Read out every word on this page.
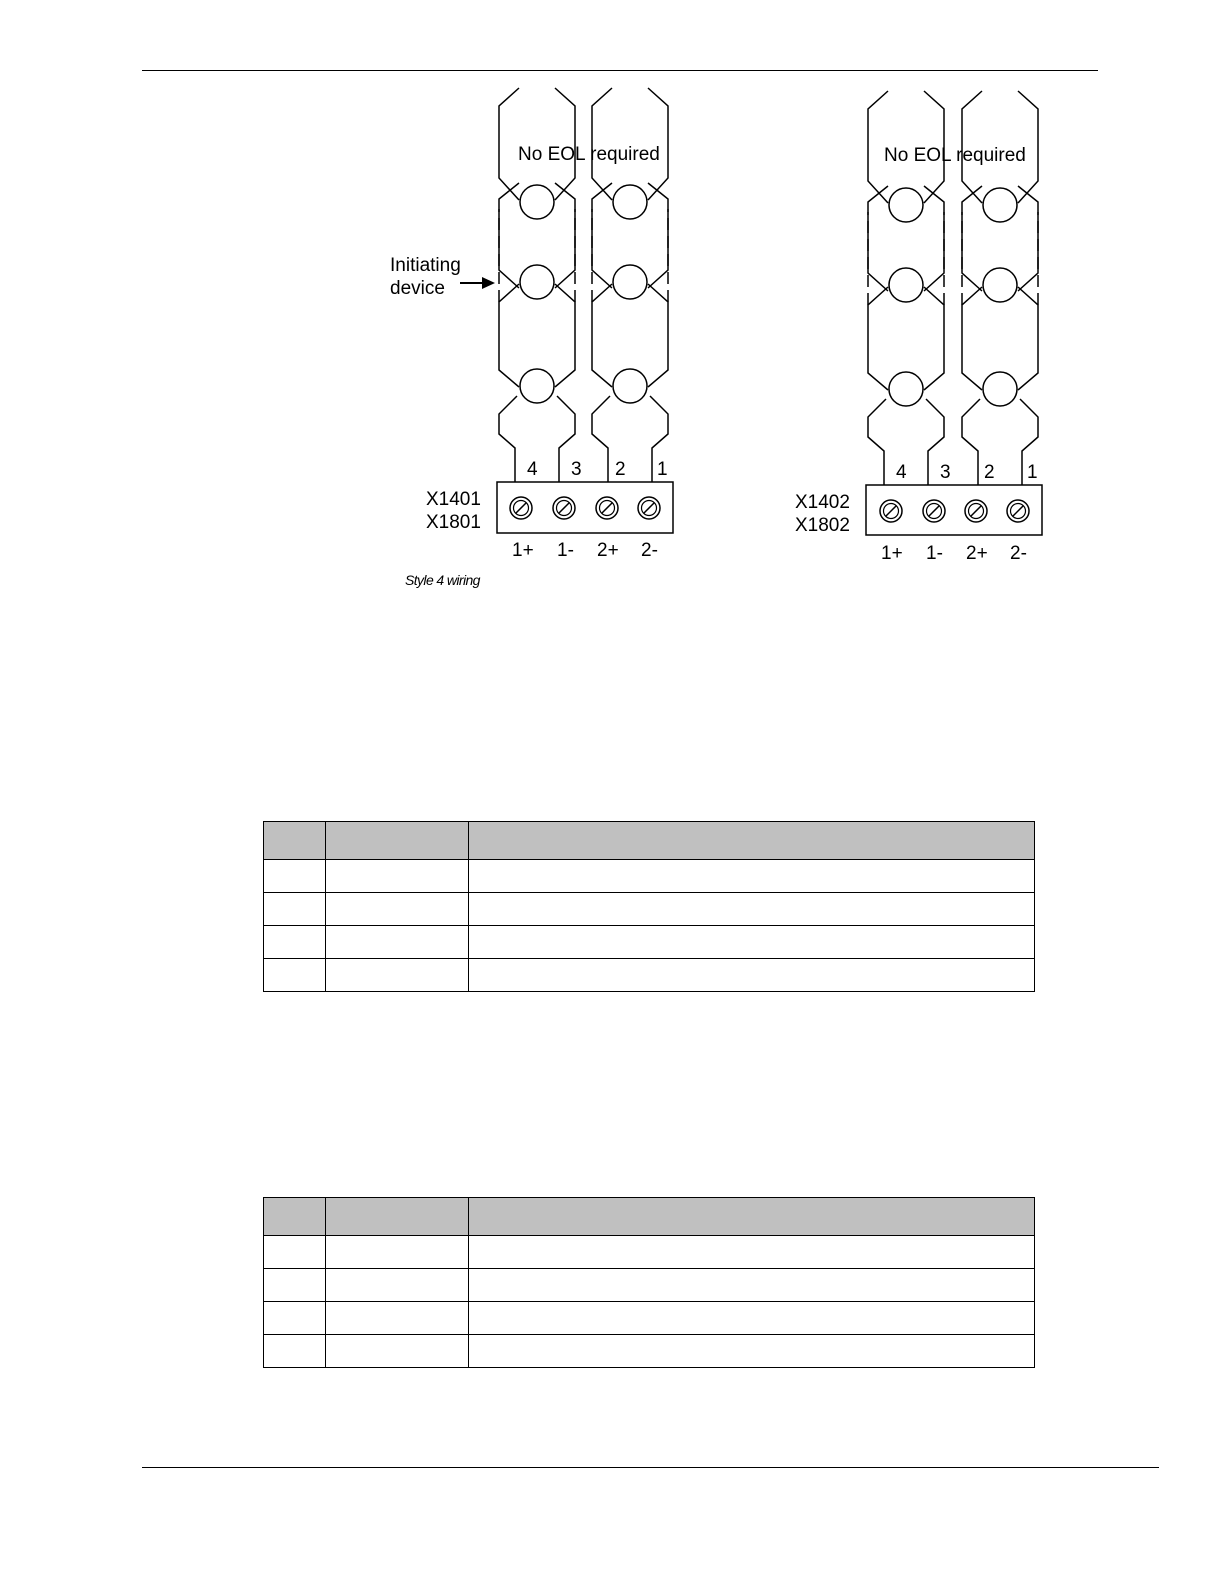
No EOL required
Initiating
device
4 3 2 1
X1401
X1801
1+ 1- 2+ 2-
Style 4 wiring
No EOL required
4 3 2 1
X1402
X1802
1+ 1- 2+ 2-
